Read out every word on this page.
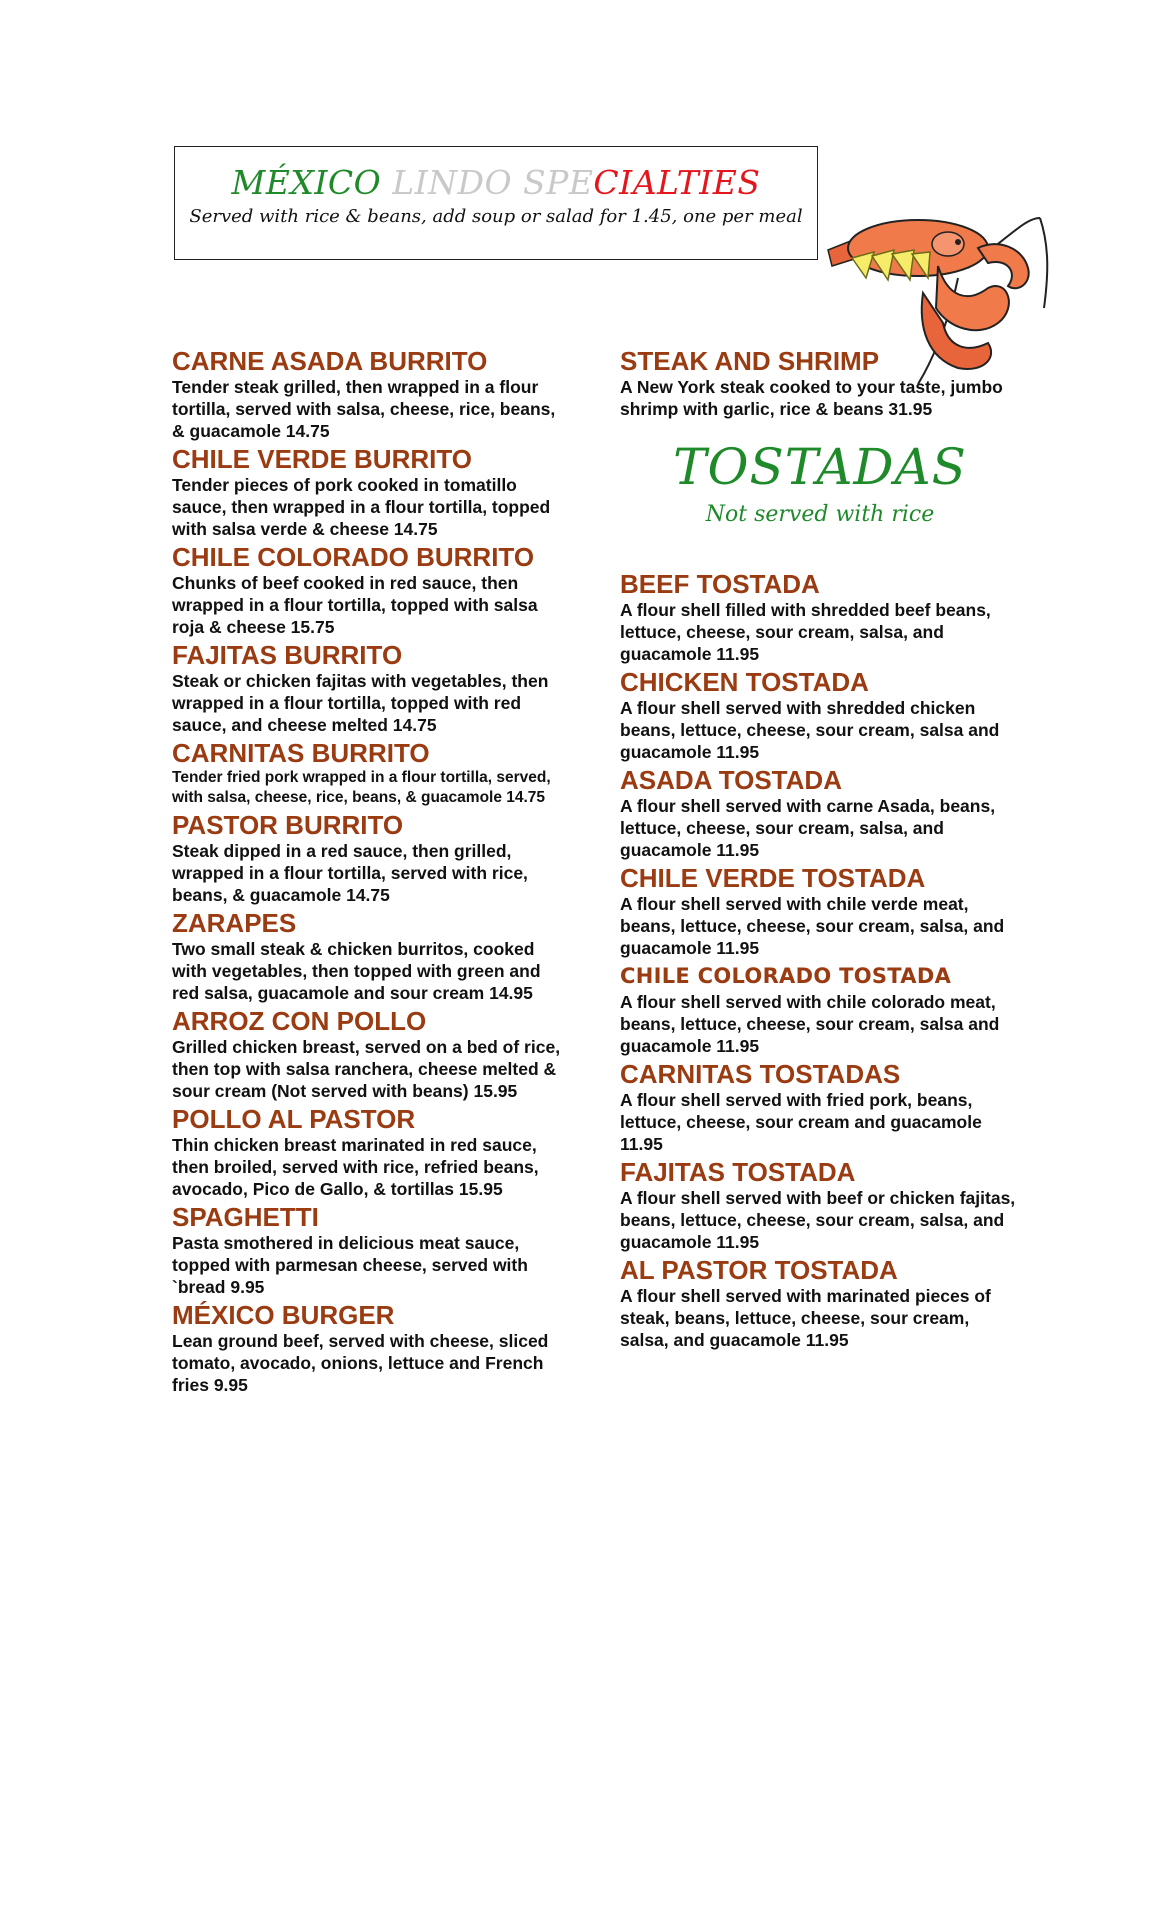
MÉXICO LINDO SPECIALTIES
Served with rice & beans, add soup or salad for 1.45, one per meal

CARNE ASADA BURRITO

Tender steak grilled, then wrapped in a flour tortilla, served with salsa, cheese, rice, beans, & guacamole 14.75

CHILE VERDE BURRITO

Tender pieces of pork cooked in tomatillo sauce, then wrapped in a flour tortilla, topped with salsa verde & cheese 14.75

CHILE COLORADO BURRITO

Chunks of beef cooked in red sauce, then wrapped in a flour tortilla, topped with salsa roja & cheese 15.75

FAJITAS BURRITO

Steak or chicken fajitas with vegetables, then wrapped in a flour tortilla, topped with red sauce, and cheese melted 14.75

CARNITAS BURRITO

Tender fried pork wrapped in a flour tortilla, served, with salsa, cheese, rice, beans, & guacamole 14.75

PASTOR BURRITO

Steak dipped in a red sauce, then grilled, wrapped in a flour tortilla, served with rice, beans, & guacamole 14.75

ZARAPES

Two small steak & chicken burritos, cooked with vegetables, then topped with green and red salsa, guacamole and sour cream 14.95

ARROZ CON POLLO

Grilled chicken breast, served on a bed of rice, then top with salsa ranchera, cheese melted & sour cream (Not served with beans) 15.95

POLLO AL PASTOR

Thin chicken breast marinated in red sauce, then broiled, served with rice, refried beans, avocado, Pico de Gallo, & tortillas 15.95

SPAGHETTI

Pasta smothered in delicious meat sauce, topped with parmesan cheese, served with `bread 9.95

MÉXICO BURGER

Lean ground beef, served with cheese, sliced tomato, avocado, onions, lettuce and French fries 9.95

STEAK AND SHRIMP

A New York steak cooked to your taste, jumbo shrimp with garlic, rice & beans 31.95

TOSTADAS
Not served with rice

BEEF TOSTADA

A flour shell filled with shredded beef beans, lettuce, cheese, sour cream, salsa, and guacamole 11.95

CHICKEN TOSTADA

A flour shell served with shredded chicken beans, lettuce, cheese, sour cream, salsa and guacamole 11.95

ASADA TOSTADA

A flour shell served with carne Asada, beans, lettuce, cheese, sour cream, salsa, and guacamole 11.95

CHILE VERDE TOSTADA

A flour shell served with chile verde meat, beans, lettuce, cheese, sour cream, salsa, and guacamole 11.95

CHILE COLORADO TOSTADA

A flour shell served with chile colorado meat, beans, lettuce, cheese, sour cream, salsa and guacamole 11.95

CARNITAS TOSTADAS

A flour shell served with fried pork, beans, lettuce, cheese, sour cream and guacamole 11.95

FAJITAS TOSTADA

A flour shell served with beef or chicken fajitas, beans, lettuce, cheese, sour cream, salsa, and guacamole 11.95

AL PASTOR TOSTADA

A flour shell served with marinated pieces of steak, beans, lettuce, cheese, sour cream, salsa, and guacamole 11.95
